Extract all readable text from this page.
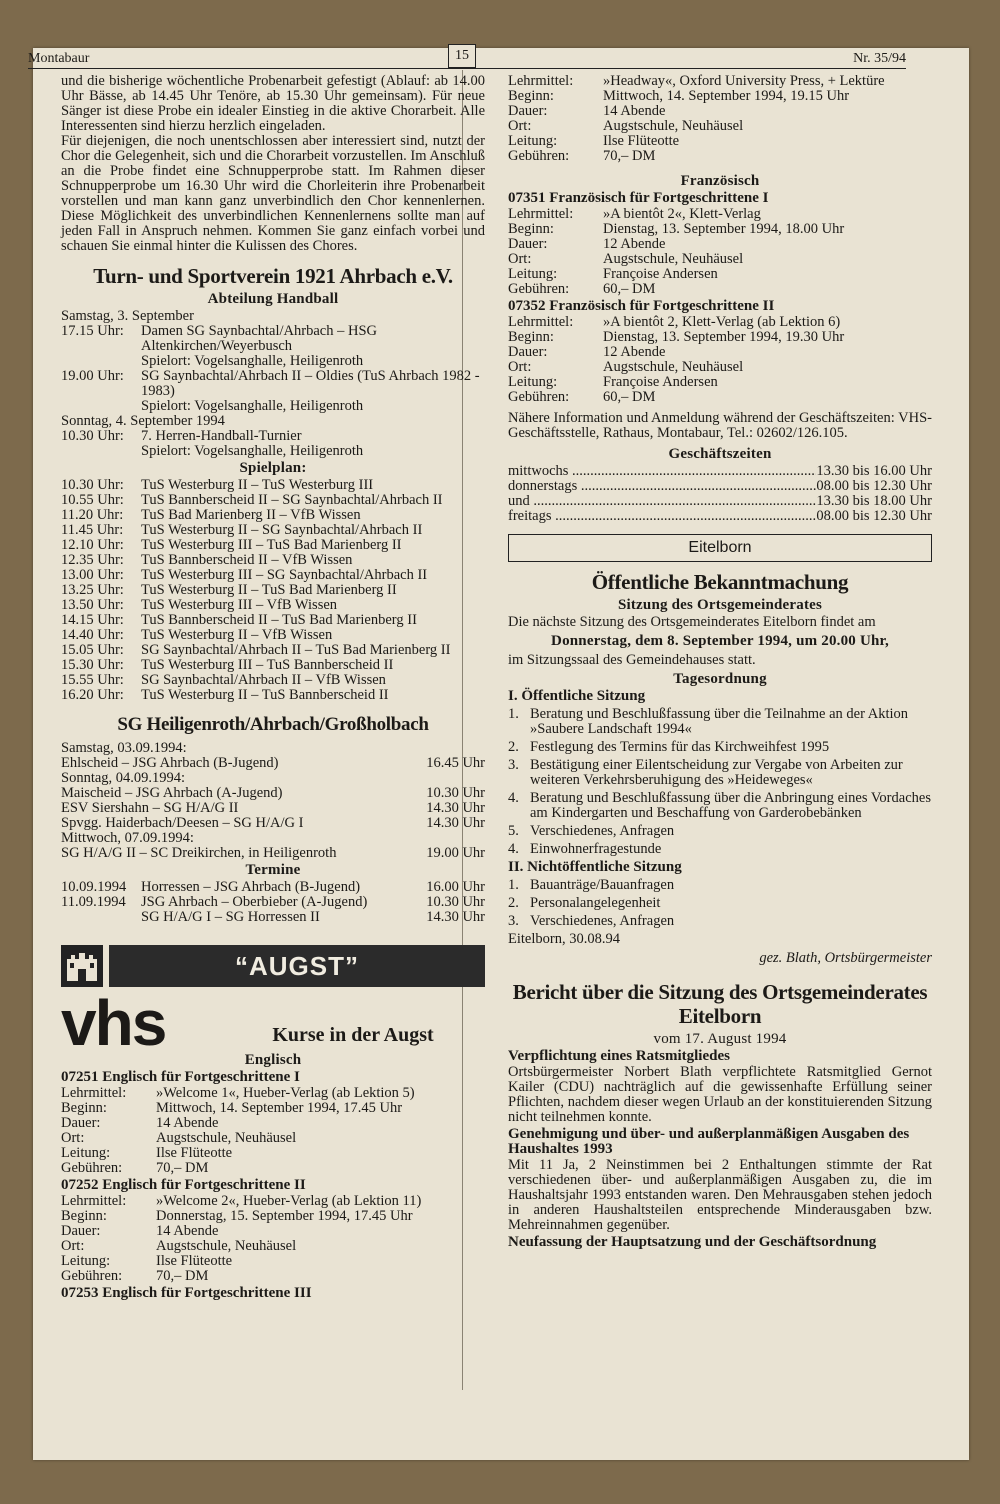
Montabaur	15	Nr. 35/94

und die bisherige wöchentliche Probenarbeit gefestigt (Ablauf: ab 14.00 Uhr Bässe, ab 14.45 Uhr Tenöre, ab 15.30 Uhr gemeinsam). Für neue Sänger ist diese Probe ein idealer Einstieg in die aktive Chorarbeit. Alle Interessenten sind hierzu herzlich eingeladen.

Für diejenigen, die noch unentschlossen aber interessiert sind, nutzt der Chor die Gelegenheit, sich und die Chorarbeit vorzustellen. Im Anschluß an die Probe findet eine Schnupperprobe statt. Im Rahmen dieser Schnupperprobe um 16.30 Uhr wird die Chorleiterin ihre Probenarbeit vorstellen und man kann ganz unverbindlich den Chor kennenlernen. Diese Möglichkeit des unverbindlichen Kennenlernens sollte man auf jeden Fall in Anspruch nehmen. Kommen Sie ganz einfach vorbei und schauen Sie einmal hinter die Kulissen des Chores.

Turn- und Sportverein 1921 Ahrbach e.V.
Abteilung Handball
Samstag, 3. September
17.15 Uhr:	Damen SG Saynbachtal/Ahrbach – HSG Altenkirchen/Weyerbusch
Spielort: Vogelsanghalle, Heiligenroth
19.00 Uhr:	SG Saynbachtal/Ahrbach II – Oldies (TuS Ahrbach 1982 - 1983)
Spielort: Vogelsanghalle, Heiligenroth
Sonntag, 4. September 1994
10.30 Uhr:	7. Herren-Handball-Turnier
Spielort: Vogelsanghalle, Heiligenroth
Spielplan:
10.30 Uhr:	TuS Westerburg II – TuS Westerburg III
10.55 Uhr:	TuS Bannberscheid II – SG Saynbachtal/Ahrbach II
11.20 Uhr:	TuS Bad Marienberg II – VfB Wissen
11.45 Uhr:	TuS Westerburg II – SG Saynbachtal/Ahrbach II
12.10 Uhr:	TuS Westerburg III – TuS Bad Marienberg II
12.35 Uhr:	TuS Bannberscheid II – VfB Wissen
13.00 Uhr:	TuS Westerburg III – SG Saynbachtal/Ahrbach II
13.25 Uhr:	TuS Westerburg II – TuS Bad Marienberg II
13.50 Uhr:	TuS Westerburg III – VfB Wissen
14.15 Uhr:	TuS Bannberscheid II – TuS Bad Marienberg II
14.40 Uhr:	TuS Westerburg II – VfB Wissen
15.05 Uhr:	SG Saynbachtal/Ahrbach II – TuS Bad Marienberg II
15.30 Uhr:	TuS Westerburg III – TuS Bannberscheid II
15.55 Uhr:	SG Saynbachtal/Ahrbach II – VfB Wissen
16.20 Uhr:	TuS Westerburg II – TuS Bannberscheid II
SG Heiligenroth/Ahrbach/Großholbach
Samstag, 03.09.1994:
Ehlscheid – JSG Ahrbach (B-Jugend)	16.45 Uhr
Sonntag, 04.09.1994:
Maischeid – JSG Ahrbach (A-Jugend)	10.30 Uhr
ESV Siershahn – SG H/A/G II	14.30 Uhr
Spvgg. Haiderbach/Deesen – SG H/A/G I	14.30 Uhr
Mittwoch, 07.09.1994:
SG H/A/G II – SC Dreikirchen, in Heiligenroth	19.00 Uhr
Termine
10.09.1994	Horressen – JSG Ahrbach (B-Jugend)	16.00 Uhr
11.09.1994	JSG Ahrbach – Oberbieber (A-Jugend)	10.30 Uhr
SG H/A/G I – SG Horressen II	14.30 Uhr
“AUGST”
vhs	Kurse in der Augst
Englisch
07251 Englisch für Fortgeschrittene I
Lehrmittel:	»Welcome 1«, Hueber-Verlag (ab Lektion 5)
Beginn:	Mittwoch, 14. September 1994, 17.45 Uhr
Dauer:	14 Abende
Ort:	Augstschule, Neuhäusel
Leitung:	Ilse Flüteotte
Gebühren:	70,– DM
07252 Englisch für Fortgeschrittene II
Lehrmittel:	»Welcome 2«, Hueber-Verlag (ab Lektion 11)
Beginn:	Donnerstag, 15. September 1994, 17.45 Uhr
Dauer:	14 Abende
Ort:	Augstschule, Neuhäusel
Leitung:	Ilse Flüteotte
Gebühren:	70,– DM
07253 Englisch für Fortgeschrittene III
Lehrmittel:	»Headway«, Oxford University Press, + Lektüre
Beginn:	Mittwoch, 14. September 1994, 19.15 Uhr
Dauer:	14 Abende
Ort:	Augstschule, Neuhäusel
Leitung:	Ilse Flüteotte
Gebühren:	70,– DM
Französisch
07351 Französisch für Fortgeschrittene I
Lehrmittel:	»A bientôt 2«, Klett-Verlag
Beginn:	Dienstag, 13. September 1994, 18.00 Uhr
Dauer:	12 Abende
Ort:	Augstschule, Neuhäusel
Leitung:	Françoise Andersen
Gebühren:	60,– DM
07352 Französisch für Fortgeschrittene II
Lehrmittel:	»A bientôt 2, Klett-Verlag (ab Lektion 6)
Beginn:	Dienstag, 13. September 1994, 19.30 Uhr
Dauer:	12 Abende
Ort:	Augstschule, Neuhäusel
Leitung:	Françoise Andersen
Gebühren:	60,– DM

Nähere Information und Anmeldung während der Geschäftszeiten: VHS-Geschäftsstelle, Rathaus, Montabaur, Tel.: 02602/126.105.

Geschäftszeiten
mittwochs .....	13.30 bis 16.00 Uhr
donnerstags .....	08.00 bis 12.30 Uhr
und .....	13.30 bis 18.00 Uhr
freitags .....	08.00 bis 12.30 Uhr
Eitelborn
Öffentliche Bekanntmachung
Sitzung des Ortsgemeinderates

Die nächste Sitzung des Ortsgemeinderates Eitelborn findet am

Donnerstag, dem 8. September 1994, um 20.00 Uhr,

im Sitzungssaal des Gemeindehauses statt.

Tagesordnung
I. Öffentliche Sitzung
1. Beratung und Beschlußfassung über die Teilnahme an der Aktion »Saubere Landschaft 1994«
2. Festlegung des Termins für das Kirchweihfest 1995
3. Bestätigung einer Eilentscheidung zur Vergabe von Arbeiten zur weiteren Verkehrsberuhigung des »Heideweges«
4. Beratung und Beschlußfassung über die Anbringung eines Vordaches am Kindergarten und Beschaffung von Garderobebänken
5. Verschiedenes, Anfragen
4. Einwohnerfragestunde
II. Nichtöffentliche Sitzung
1. Bauanträge/Bauanfragen
2. Personalangelegenheit
3. Verschiedenes, Anfragen

Eitelborn, 30.08.94

gez. Blath, Ortsbürgermeister

Bericht über die Sitzung des Ortsgemeinderates Eitelborn
vom 17. August 1994
Verpflichtung eines Ratsmitgliedes

Ortsbürgermeister Norbert Blath verpflichtete Ratsmitglied Gernot Kailer (CDU) nachträglich auf die gewissenhafte Erfüllung seiner Pflichten, nachdem dieser wegen Urlaub an der konstituierenden Sitzung nicht teilnehmen konnte.

Genehmigung und über- und außerplanmäßigen Ausgaben des Haushaltes 1993

Mit 11 Ja, 2 Neinstimmen bei 2 Enthaltungen stimmte der Rat verschiedenen über- und außerplanmäßigen Ausgaben zu, die im Haushaltsjahr 1993 entstanden waren. Den Mehrausgaben stehen jedoch in anderen Haushaltsteilen entsprechende Minderausgaben bzw. Mehreinnahmen gegenüber.

Neufassung der Hauptsatzung und der Geschäftsordnung
